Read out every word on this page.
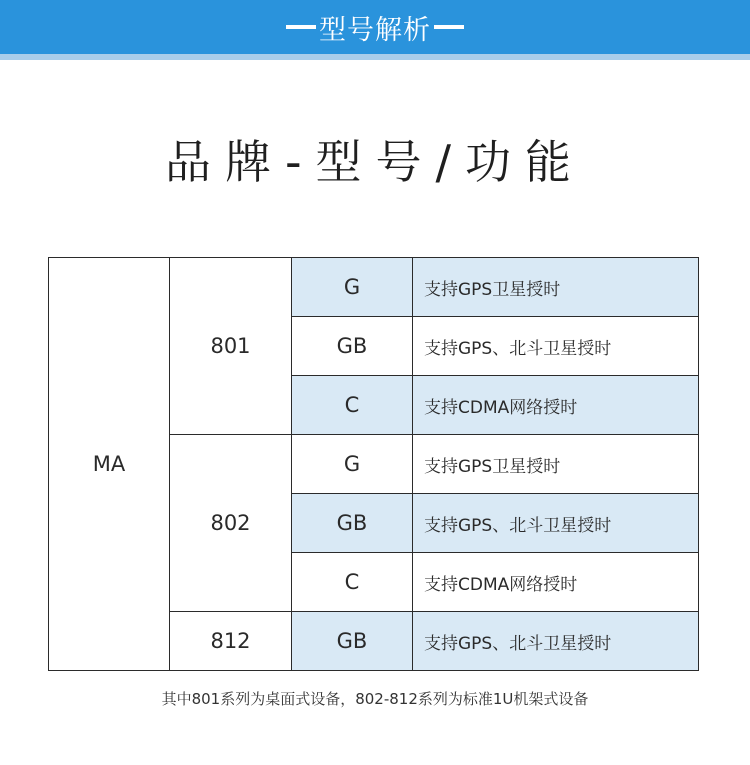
型号解析
品牌-型号/功能
MA	801	G	支持GPS卫星授时
		GB	支持GPS、北斗卫星授时
		C	支持CDMA网络授时
	802	G	支持GPS卫星授时
		GB	支持GPS、北斗卫星授时
		C	支持CDMA网络授时
	812	GB	支持GPS、北斗卫星授时
其中801系列为桌面式设备，802-812系列为标准1U机架式设备
